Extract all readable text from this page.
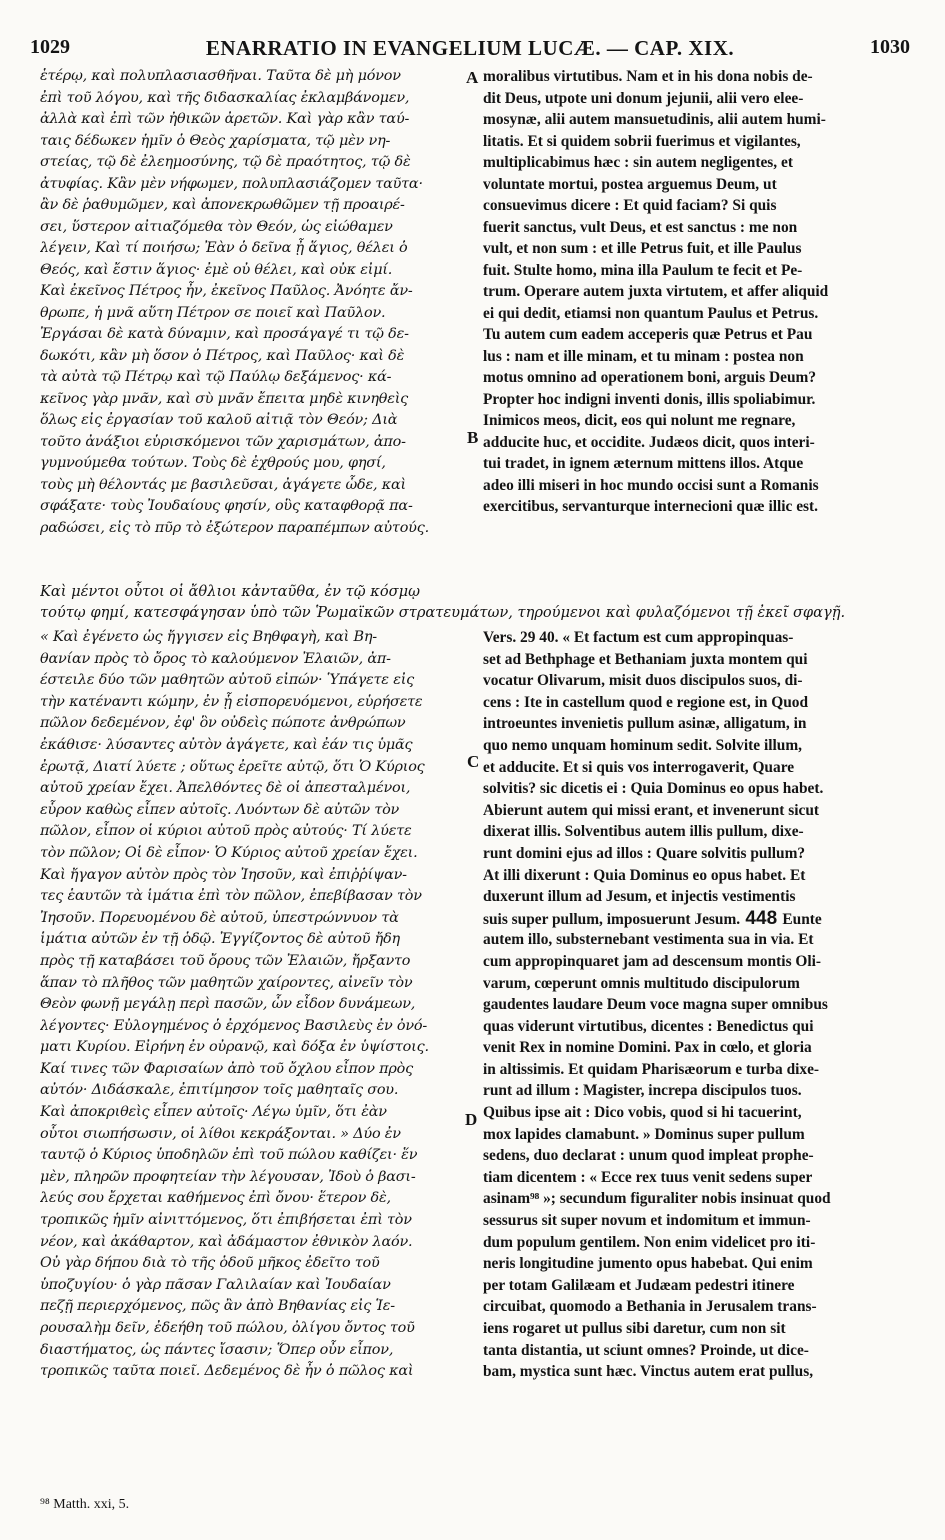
1029	ENARRATIO IN EVANGELIUM LUCÆ. — CAP. XIX.	1030
ἑτέρῳ, καὶ πολυπλασιασθῆναι. Ταῦτα δὲ μὴ μόνον
ἐπὶ τοῦ λόγου, καὶ τῆς διδασκαλίας ἐκλαμβάνομεν,
ἀλλὰ καὶ ἐπὶ τῶν ἠθικῶν ἀρετῶν. Καὶ γὰρ κἂν ταύ-
ταις δέδωκεν ἡμῖν ὁ Θεὸς χαρίσματα, τῷ μὲν νη-
στείας, τῷ δὲ ἐλεημοσύνης, τῷ δὲ πραότητος, τῷ δὲ
ἀτυφίας. Κἂν μὲν νήφωμεν, πολυπλασιάζομεν ταῦτα·
ἂν δὲ ῥαθυμῶμεν, καὶ ἀπονεκρωθῶμεν τῇ προαιρέ-
σει, ὕστερον αἰτιαζόμεθα τὸν Θεόν, ὡς εἰώθαμεν
λέγειν, Καὶ τί ποιήσω; Ἐὰν ὁ δεῖνα ᾖ ἅγιος, θέλει ὁ
Θεός, καὶ ἔστιν ἅγιος· ἐμὲ οὐ θέλει, καὶ οὐκ εἰμί.
Καὶ ἐκεῖνος Πέτρος ἦν, ἐκεῖνος Παῦλος. Ἀνόητε ἄν-
θρωπε, ἡ μνᾶ αὕτη Πέτρον σε ποιεῖ καὶ Παῦλον.
Ἐργάσαι δὲ κατὰ δύναμιν, καὶ προσάγαγέ τι τῷ δε-
δωκότι, κἂν μὴ ὅσον ὁ Πέτρος, καὶ Παῦλος· καὶ δὲ
τὰ αὐτὰ τῷ Πέτρῳ καὶ τῷ Παύλῳ δεξάμενος· κά-
κεῖνος γὰρ μνᾶν, καὶ σὺ μνᾶν ἔπειτα μηδὲ κινηθεὶς
ὅλως εἰς ἐργασίαν τοῦ καλοῦ αἰτιᾷ τὸν Θεόν; Διὰ
τοῦτο ἀνάξιοι εὑρισκόμενοι τῶν χαρισμάτων, ἀπο-
γυμνούμεθα τούτων. Τοὺς δὲ ἐχθρούς μου, φησί,
τοὺς μὴ θέλοντάς με βασιλεῦσαι, ἀγάγετε ὧδε, καὶ
σφάξατε· τοὺς Ἰουδαίους φησίν, οὓς καταφθορᾷ πα-
ραδώσει, εἰς τὸ πῦρ τὸ ἐξώτερον παραπέμπων αὐτούς.
moralibus virtutibus. Nam et in his dona nobis de-
dit Deus, utpote uni donum jejunii, alii vero elee-
mosynæ, alii autem mansuetudinis, alii autem humi-
litatis. Et si quidem sobrii fuerimus et vigilantes,
multiplicabimus hæc : sin autem negligentes, et
voluntate mortui, postea arguemus Deum, ut
consuevimus dicere : Et quid faciam? Si quis
fuerit sanctus, vult Deus, et est sanctus : me non
vult, et non sum : et ille Petrus fuit, et ille Paulus
fuit. Stulte homo, mina illa Paulum te fecit et Pe-
trum. Operare autem juxta virtutem, et affer aliquid
ei qui dedit, etiamsi non quantum Paulus et Petrus.
Tu autem cum eadem acceperis quæ Petrus et Pau
lus : nam et ille minam, et tu minam : postea non
motus omnino ad operationem boni, arguis Deum?
Propter hoc indigni inventi donis, illis spoliabimur.
Inimicos meos, dicit, eos qui nolunt me regnare,
adducite huc, et occidite. Judæos dicit, quos interi-
tui tradet, in ignem æternum mittens illos. Atque
adeo illi miseri in hoc mundo occisi sunt a Romanis
exercitibus, servanturque internecioni quæ illic est.
A
B
Καὶ μέντοι οὗτοι οἱ ἄθλιοι κἀνταῦθα, ἐν τῷ κόσμῳ
τούτῳ φημί, κατεσφάγησαν ὑπὸ τῶν Ῥωμαϊκῶν στρατευμάτων, τηρούμενοι καὶ φυλαζόμενοι τῇ ἐκεῖ σφαγῇ.
« Καὶ ἐγένετο ὡς ἤγγισεν εἰς Βηθφαγὴ, καὶ Βη-
θανίαν πρὸς τὸ ὄρος τὸ καλούμενον Ἐλαιῶν, ἀπ-
έστειλε δύο τῶν μαθητῶν αὐτοῦ εἰπών· Ὑπάγετε εἰς
τὴν κατέναντι κώμην, ἐν ᾗ εἰσπορευόμενοι, εὑρήσετε
πῶλον δεδεμένον, ἐφ' ὃν οὐδεὶς πώποτε ἀνθρώπων
ἐκάθισε· λύσαντες αὐτὸν ἀγάγετε, καὶ ἐάν τις ὑμᾶς
ἐρωτᾷ, Διατί λύετε ; οὕτως ἐρεῖτε αὐτῷ, ὅτι Ὁ Κύριος
αὐτοῦ χρείαν ἔχει. Ἀπελθόντες δὲ οἱ ἀπεσταλμένοι,
εὗρον καθὼς εἶπεν αὐτοῖς. Λυόντων δὲ αὐτῶν τὸν
πῶλον, εἶπον οἱ κύριοι αὐτοῦ πρὸς αὐτούς· Τί λύετε
τὸν πῶλον; Οἱ δὲ εἶπον· Ὁ Κύριος αὐτοῦ χρείαν ἔχει.
Καὶ ἤγαγον αὐτὸν πρὸς τὸν Ἰησοῦν, καὶ ἐπιῤῥίψαν-
τες ἑαυτῶν τὰ ἱμάτια ἐπὶ τὸν πῶλον, ἐπεβίβασαν τὸν
Ἰησοῦν. Πορευομένου δὲ αὐτοῦ, ὑπεστρώννυον τὰ
ἱμάτια αὐτῶν ἐν τῇ ὁδῷ. Ἐγγίζοντος δὲ αὐτοῦ ἤδη
πρὸς τῇ καταβάσει τοῦ ὄρους τῶν Ἐλαιῶν, ἤρξαντο
ἅπαν τὸ πλῆθος τῶν μαθητῶν χαίροντες, αἰνεῖν τὸν
Θεὸν φωνῇ μεγάλῃ περὶ πασῶν, ὧν εἶδον δυνάμεων,
λέγοντες· Εὐλογημένος ὁ ἐρχόμενος Βασιλεὺς ἐν ὀνό-
ματι Κυρίου. Εἰρήνη ἐν οὐρανῷ, καὶ δόξα ἐν ὑψίστοις.
Καί τινες τῶν Φαρισαίων ἀπὸ τοῦ ὄχλου εἶπον πρὸς
αὐτόν· Διδάσκαλε, ἐπιτίμησον τοῖς μαθηταῖς σου.
Καὶ ἀποκριθεὶς εἶπεν αὐτοῖς· Λέγω ὑμῖν, ὅτι ἐὰν
οὗτοι σιωπήσωσιν, οἱ λίθοι κεκράξονται. » Δύο ἐν
ταυτῷ ὁ Κύριος ὑποδηλῶν ἐπὶ τοῦ πώλου καθίζει· ἕν
μὲν, πληρῶν προφητείαν τὴν λέγουσαν, Ἰδοὺ ὁ βασι-
λεύς σου ἔρχεται καθήμενος ἐπὶ ὄνου· ἕτερον δὲ,
τροπικῶς ἡμῖν αἰνιττόμενος, ὅτι ἐπιβήσεται ἐπὶ τὸν
νέον, καὶ ἀκάθαρτον, καὶ ἀδάμαστον ἐθνικὸν λαόν.
Οὐ γὰρ δήπου διὰ τὸ τῆς ὁδοῦ μῆκος ἐδεῖτο τοῦ
ὑποζυγίου· ὁ γὰρ πᾶσαν Γαλιλαίαν καὶ Ἰουδαίαν
πεζῇ περιερχόμενος, πῶς ἂν ἀπὸ Βηθανίας εἰς Ἱε-
ρουσαλὴμ δεῖν, ἐδεήθη τοῦ πώλου, ὀλίγου ὄντος τοῦ
διαστήματος, ὡς πάντες ἴσασιν; Ὅπερ οὖν εἶπον,
τροπικῶς ταῦτα ποιεῖ. Δεδεμένος δὲ ἦν ὁ πῶλος καὶ
Vers. 29 40. « Et factum est cum appropinquas-
set ad Bethphage et Bethaniam juxta montem qui
vocatur Olivarum, misit duos discipulos suos, di-
cens : Ite in castellum quod e regione est, in Quod
introeuntes invenietis pullum asinæ, alligatum, in
quo nemo unquam hominum sedit. Solvite illum,
et adducite. Et si quis vos interrogaverit, Quare
solvitis? sic dicetis ei : Quia Dominus eo opus habet.
Abierunt autem qui missi erant, et invenerunt sicut
dixerat illis. Solventibus autem illis pullum, dixe-
runt domini ejus ad illos : Quare solvitis pullum?
At illi dixerunt : Quia Dominus eo opus habet. Et
duxerunt illum ad Jesum, et injectis vestimentis
suis super pullum, imposuerunt Jesum. 448 Eunte
autem illo, substernebant vestimenta sua in via. Et
cum appropinquaret jam ad descensum montis Oli-
varum, cœperunt omnis multitudo discipulorum
gaudentes laudare Deum voce magna super omnibus
quas viderunt virtutibus, dicentes : Benedictus qui
venit Rex in nomine Domini. Pax in cœlo, et gloria
in altissimis. Et quidam Pharisæorum e turba dixe-
runt ad illum : Magister, increpa discipulos tuos.
Quibus ipse ait : Dico vobis, quod si hi tacuerint,
mox lapides clamabunt. » Dominus super pullum
sedens, duo declarat : unum quod impleat prophe-
tiam dicentem : « Ecce rex tuus venit sedens super
asinam⁹⁸ »; secundum figuraliter nobis insinuat quod
sessurus sit super novum et indomitum et immun-
dum populum gentilem. Non enim videlicet pro iti-
neris longitudine jumento opus habebat. Qui enim
per totam Galilæam et Judæam pedestri itinere
circuibat, quomodo a Bethania in Jerusalem trans-
iens rogaret ut pullus sibi daretur, cum non sit
tanta distantia, ut sciunt omnes? Proinde, ut dice-
bam, mystica sunt hæc. Vinctus autem erat pullus,
C
D
⁹⁸ Matth. xxi, 5.
